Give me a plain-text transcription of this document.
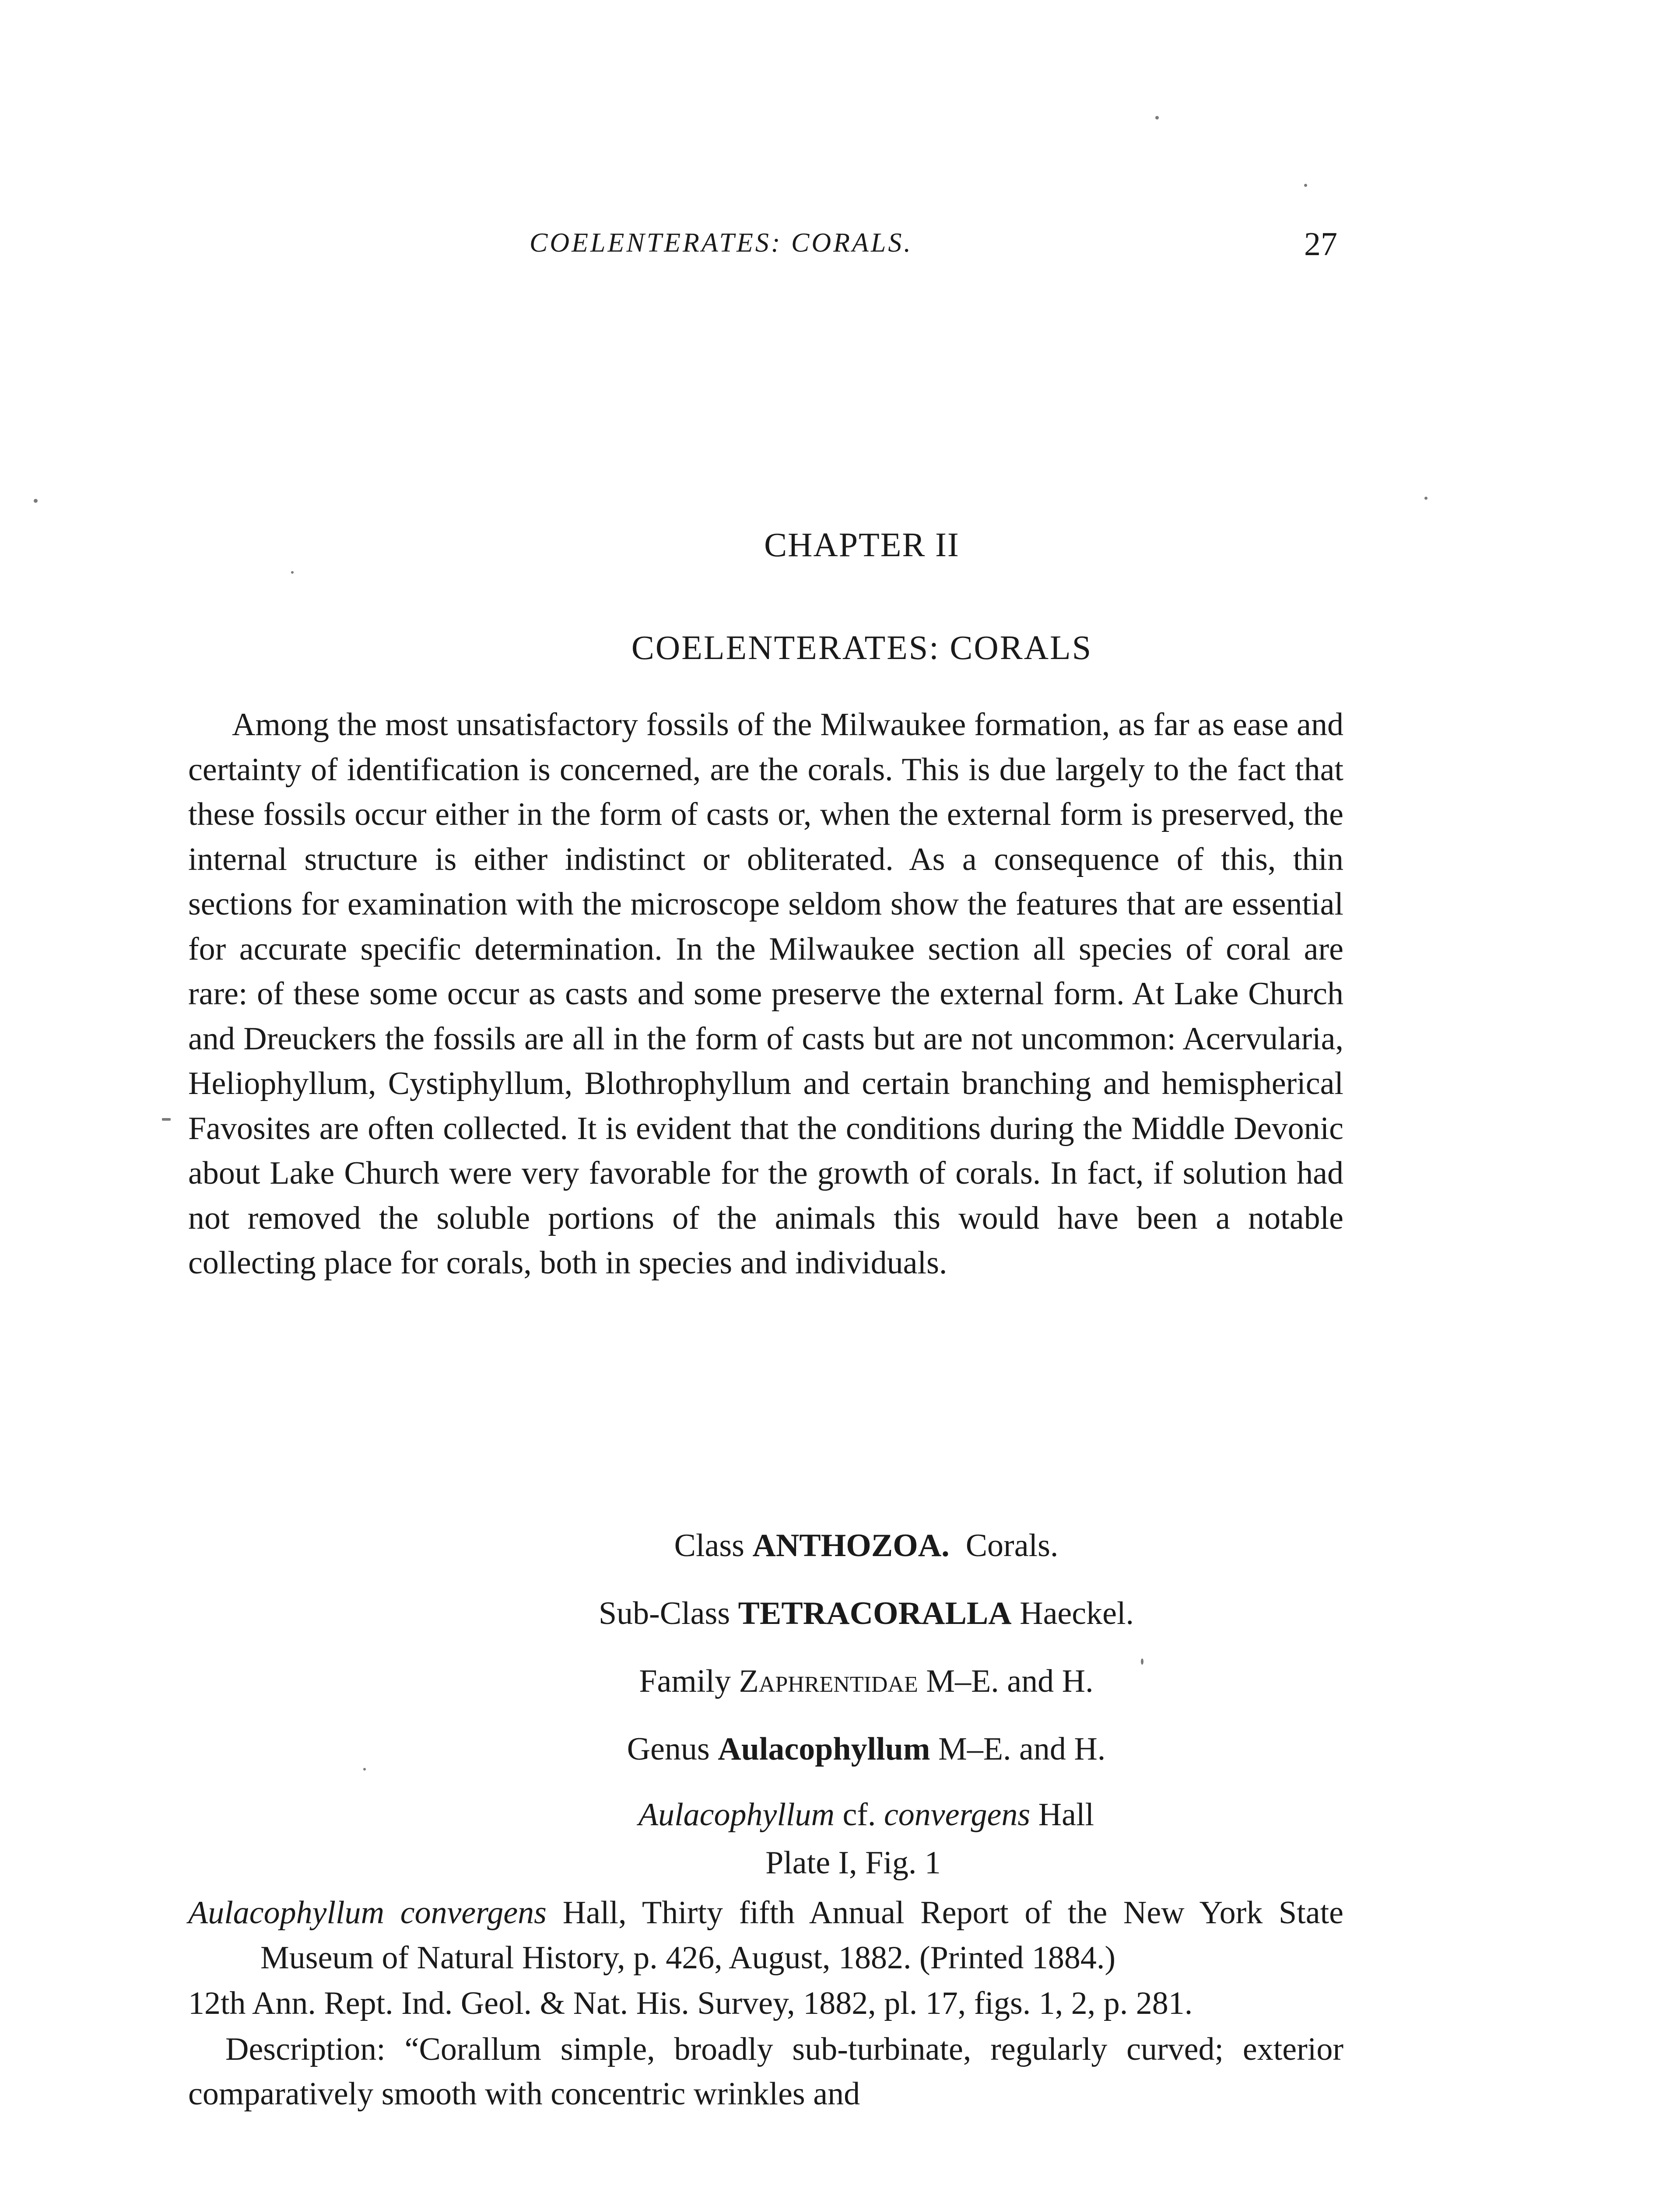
COELENTERATES: CORALS.	27
CHAPTER II
COELENTERATES: CORALS

Among the most unsatisfactory fossils of the Milwaukee formation, as far as ease and certainty of identification is concerned, are the corals. This is due largely to the fact that these fossils occur either in the form of casts or, when the external form is preserved, the internal structure is either indistinct or obliterated. As a consequence of this, thin sections for examination with the microscope seldom show the features that are essential for accurate specific determination. In the Milwaukee section all species of coral are rare: of these some occur as casts and some preserve the external form. At Lake Church and Dreuckers the fossils are all in the form of casts but are not uncommon: Acervularia, Heliophyllum, Cystiphyllum, Blothrophyllum and certain branching and hemispherical Favosites are often collected. It is evident that the conditions during the Middle Devonic about Lake Church were very favorable for the growth of corals. In fact, if solution had not removed the soluble portions of the animals this would have been a notable collecting place for corals, both in species and individuals.

Class ANTHOZOA. Corals.

Sub-Class TETRACORALLA Haeckel.

Family Zaphrentidae M–E. and H.

Genus Aulacophyllum M–E. and H.

Aulacophyllum cf. convergens Hall

Plate I, Fig. 1

Aulacophyllum convergens Hall, Thirty fifth Annual Report of the New York State Museum of Natural History, p. 426, August, 1882. (Printed 1884.)

12th Ann. Rept. Ind. Geol. & Nat. His. Survey, 1882, pl. 17, figs. 1, 2, p. 281.

Description: “Corallum simple, broadly sub-turbinate, regularly curved; exterior comparatively smooth with concentric wrinkles and
